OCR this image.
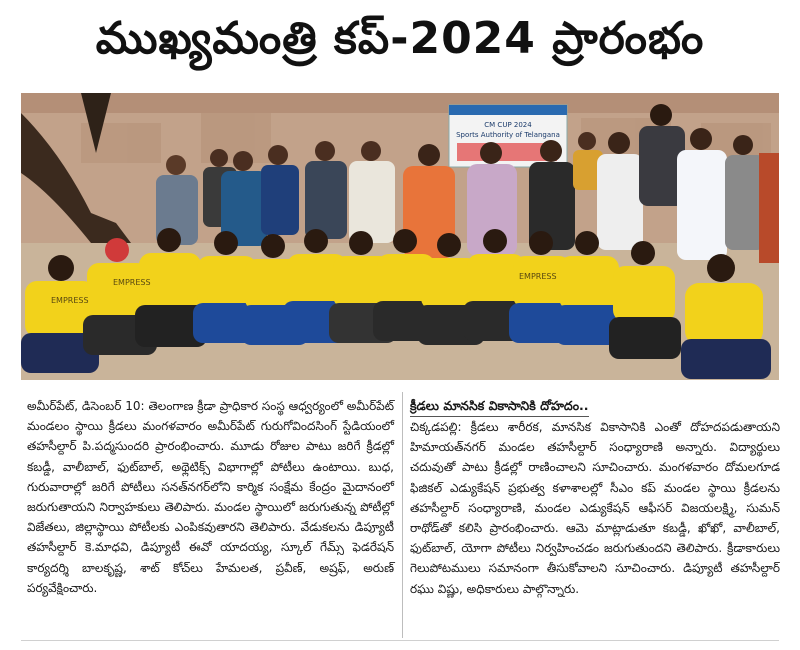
ముఖ్యమంత్రి కప్-2024 ప్రారంభం
CM CUP 2024
Sports Authority of Telangana
EMPRESS
EMPRESS
EMPRESS

అమీర్‌పేట్, డిసెంబర్ 10: తెలంగాణ క్రీడా ప్రాధికార సంస్థ ఆధ్వర్యంలో అమీర్‌పేట్ మండలం స్థాయి క్రీడలు మంగళవారం అమీర్‌పేట్ గురుగోవిందసింగ్ స్టేడియంలో తహసీల్దార్ పి.పద్మసుందరి ప్రారంభించారు. మూడు రోజుల పాటు జరిగే క్రీడల్లో కబడ్డీ, వాలీబాల్, ఫుట్‌బాల్, అథ్లెటిక్స్ విభాగాల్లో పోటీలు ఉంటాయి. బుధ, గురువారాల్లో జరిగే పోటీలు సనత్‌నగర్‌లోని కార్మిక సంక్షేమ కేంద్రం మైదానంలో జరుగుతాయని నిర్వాహకులు తెలిపారు. మండల స్థాయిలో జరుగుతున్న పోటీల్లో విజేతలు, జిల్లాస్థాయి పోటీలకు ఎంపికవుతారని తెలిపారు. వేడుకలను డిప్యూటీ తహసీల్దార్ కె.మాధవి, డిప్యూటీ ఈవో యాదయ్య, స్కూల్ గేమ్స్ ఫెడరేషన్ కార్యదర్శి బాలకృష్ణ, శాట్ కోచ్‌లు హేమలత, ప్రవీణ్, అష్రఫ్, అరుణ్ పర్యవేక్షించారు.

క్రీడలు మానసిక వికాసానికి దోహదం..

చిక్కడపల్లి: క్రీడలు శారీరక, మానసిక వికాసానికి ఎంతో దోహదపడుతాయని హిమాయత్‌నగర్ మండల తహసీల్దార్ సంధ్యారాణి అన్నారు. విద్యార్థులు చదువుతో పాటు క్రీడల్లో రాణించాలని సూచించారు. మంగళవారం దోమలగూడ ఫిజికల్ ఎడ్యుకేషన్ ప్రభుత్వ కళాశాలల్లో సీఎం కప్ మండల స్థాయి క్రీడలను తహసీల్దార్ సంధ్యారాణి, మండల ఎడ్యుకేషన్ ఆఫీసర్ విజయలక్ష్మి, సుమన్ రాథోడ్‌తో కలిసి ప్రారంభించారు. ఆమె మాట్లాడుతూ కబడ్డీ, ఖోఖో, వాలీబాల్, ఫుట్‌బాల్, యోగా పోటీలు నిర్వహించడం జరుగుతుందని తెలిపారు. క్రీడాకారులు గెలుపోటములు సమానంగా తీసుకోవాలని సూచించారు. డిప్యూటీ తహసీల్దార్ రఘు విష్ణు, అధికారులు పాల్గొన్నారు.
